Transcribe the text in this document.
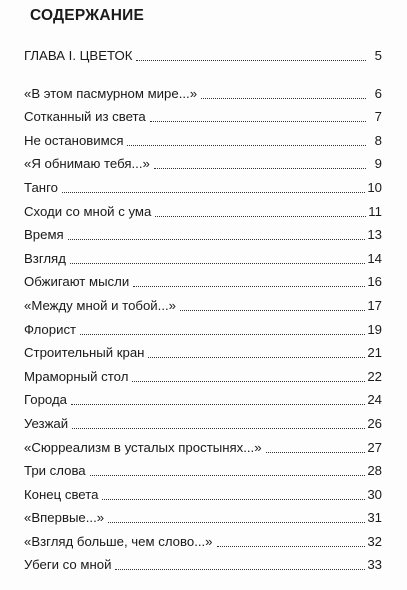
СОДЕРЖАНИЕ
ГЛАВА I. ЦВЕТОК	5
«В этом пасмурном мире...»	6
Сотканный из света	7
Не остановимся	8
«Я обнимаю тебя...»	9
Танго	10
Сходи со мной с ума	11
Время	13
Взгляд	14
Обжигают мысли	16
«Между мной и тобой...»	17
Флорист	19
Строительный кран	21
Мраморный стол	22
Города	24
Уезжай	26
«Сюрреализм в усталых простынях...»	27
Три слова	28
Конец света	30
«Впервые...»	31
«Взгляд больше, чем слово...»	32
Убеги со мной	33
